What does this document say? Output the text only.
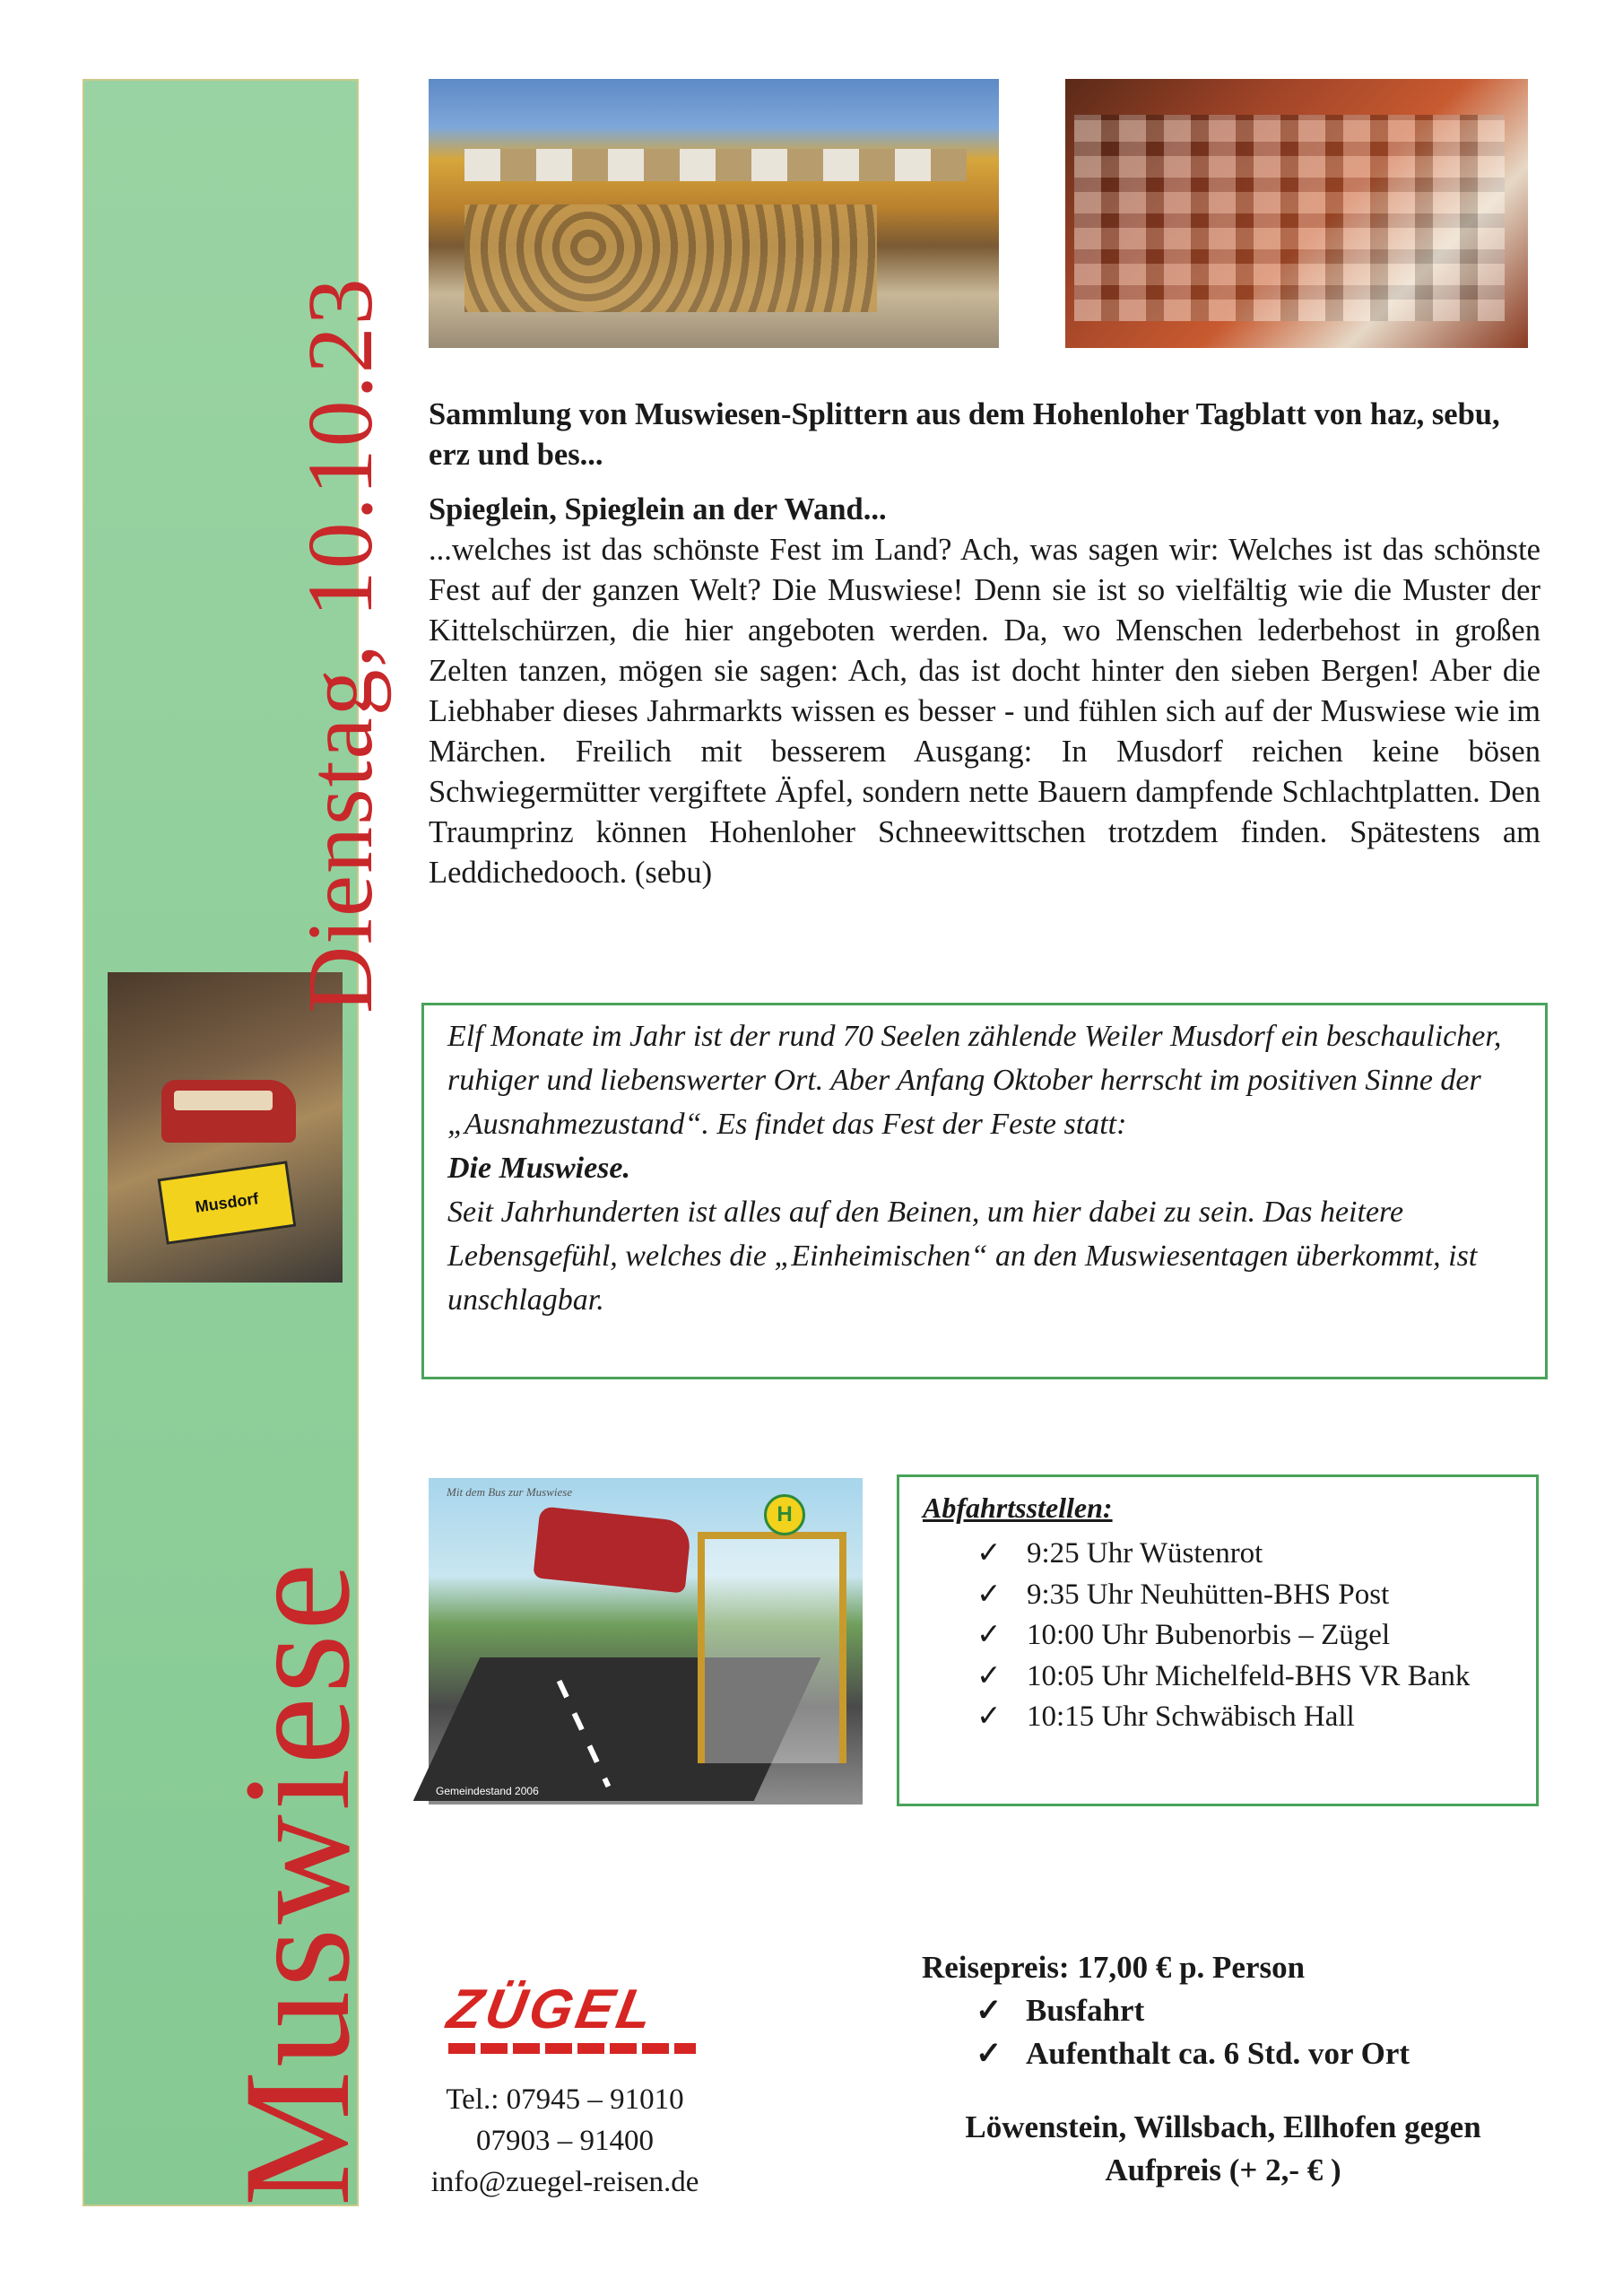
Musdorf
Dienstag, 10.10.23
Muswiese

Sammlung von Muswiesen-Splittern aus dem Hohenloher Tagblatt von haz, sebu, erz und bes...

Spieglein, Spieglein an der Wand...

...welches ist das schönste Fest im Land? Ach, was sagen wir: Welches ist das schönste Fest auf der ganzen Welt? Die Muswiese! Denn sie ist so vielfältig wie die Muster der Kittelschürzen, die hier angeboten werden. Da, wo Menschen lederbehost in großen Zelten tanzen, mögen sie sagen: Ach, das ist docht hinter den sieben Bergen! Aber die Liebhaber dieses Jahrmarkts wissen es besser - und fühlen sich auf der Muswiese wie im Märchen. Freilich mit besserem Ausgang: In Musdorf reichen keine bösen Schwiegermütter vergiftete Äpfel, sondern nette Bauern dampfende Schlachtplatten. Den Traumprinz können Hohenloher Schneewittschen trotzdem finden. Spätestens am Leddichedooch. (sebu)

Elf Monate im Jahr ist der rund 70 Seelen zählende Weiler Musdorf ein beschaulicher, ruhiger und liebenswerter Ort. Aber Anfang Oktober herrscht im positiven Sinne der „Ausnahmezustand“. Es findet das Fest der Feste statt:

Die Muswiese.

Seit Jahrhunderten ist alles auf den Beinen, um hier dabei zu sein. Das heitere Lebensgefühl, welches die „Einheimischen“ an den Muswiesentagen überkommt, ist unschlagbar.

H
Mit dem Bus zur Muswiese
Gemeindestand 2006

Abfahrtsstellen:

✓ 9:25 Uhr Wüstenrot
✓ 9:35 Uhr Neuhütten-BHS Post
✓ 10:00 Uhr Bubenorbis – Zügel
✓ 10:05 Uhr Michelfeld-BHS VR Bank
✓ 10:15 Uhr Schwäbisch Hall
ZÜGEL
Tel.: 07945 – 91010
07903 – 91400
info@zuegel-reisen.de

Reisepreis: 17,00 € p. Person

✓ Busfahrt
✓ Aufenthalt ca. 6 Std. vor Ort
Löwenstein, Willsbach, Ellhofen gegen Aufpreis (+ 2,- € )
